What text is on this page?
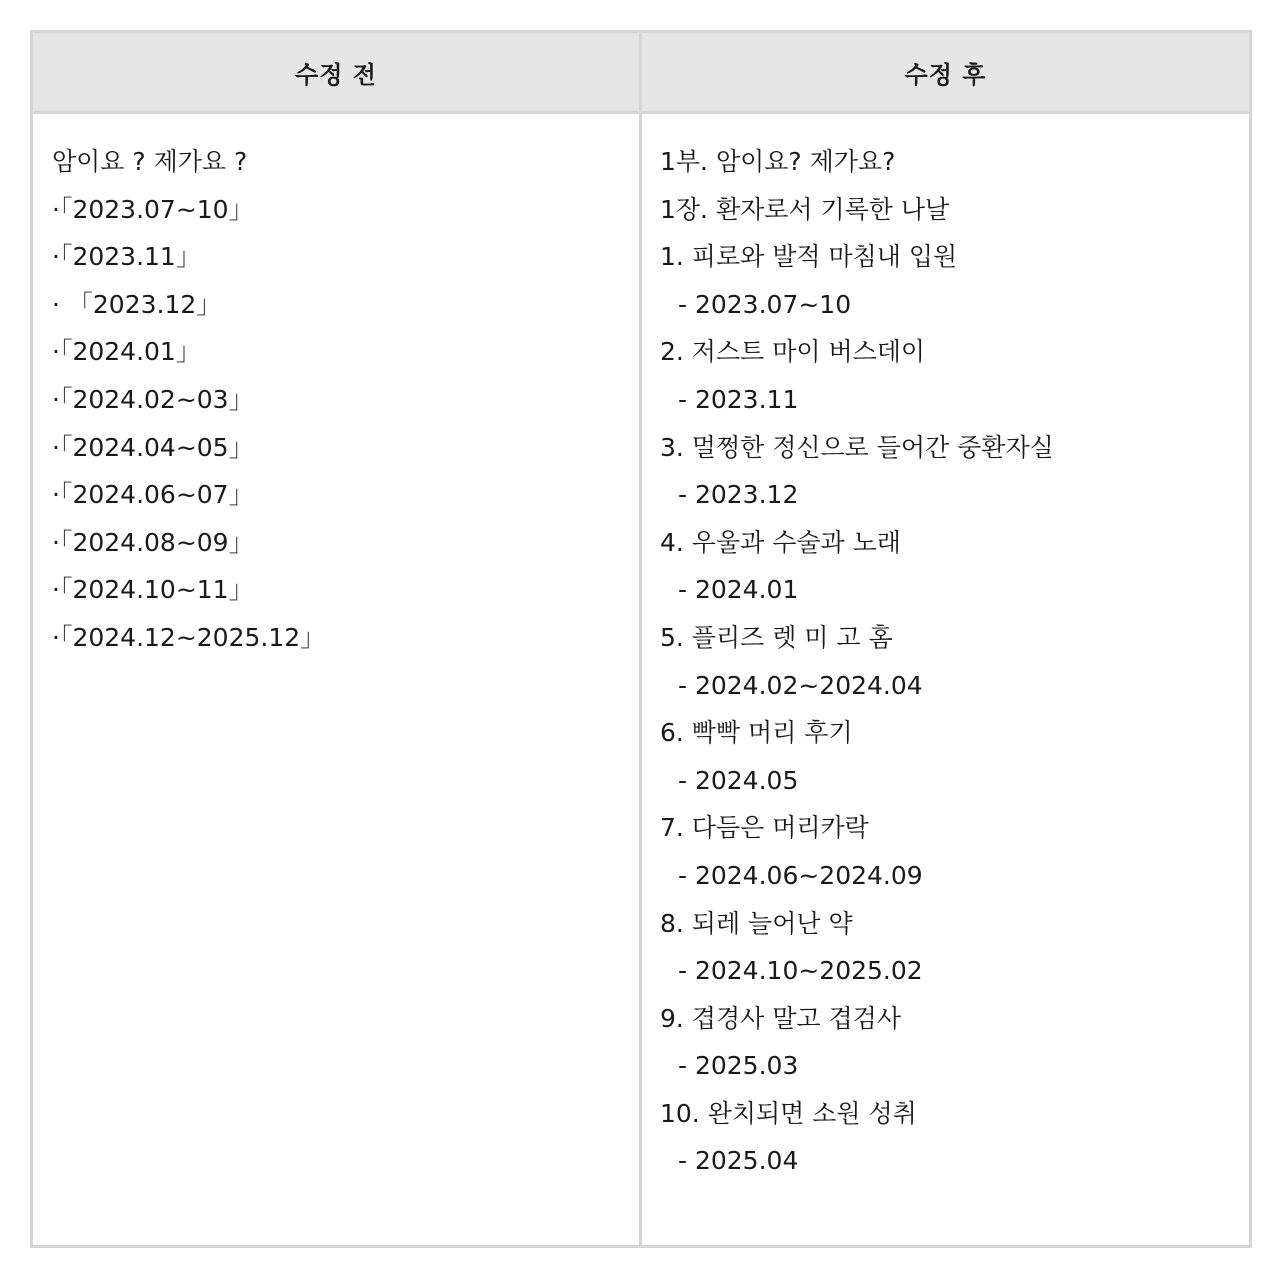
수정 전	수정 후
암이요 ? 제가요 ?
·「2023.07~10」
·「2023.11」
· 「2023.12」
·「2024.01」
·「2024.02~03」
·「2024.04~05」
·「2024.06~07」
·「2024.08~09」
·「2024.10~11」
·「2024.12~2025.12」
1부. 암이요? 제가요?
1장. 환자로서 기록한 나날
1. 피로와 발적 마침내 입원
- 2023.07~10
2. 저스트 마이 버스데이
- 2023.11
3. 멀쩡한 정신으로 들어간 중환자실
- 2023.12
4. 우울과 수술과 노래
- 2024.01
5. 플리즈 렛 미 고 홈
- 2024.02~2024.04
6. 빡빡 머리 후기
- 2024.05
7. 다듬은 머리카락
- 2024.06~2024.09
8. 되레 늘어난 약
- 2024.10~2025.02
9. 겹경사 말고 겹검사
- 2025.03
10. 완치되면 소원 성취
- 2025.04
